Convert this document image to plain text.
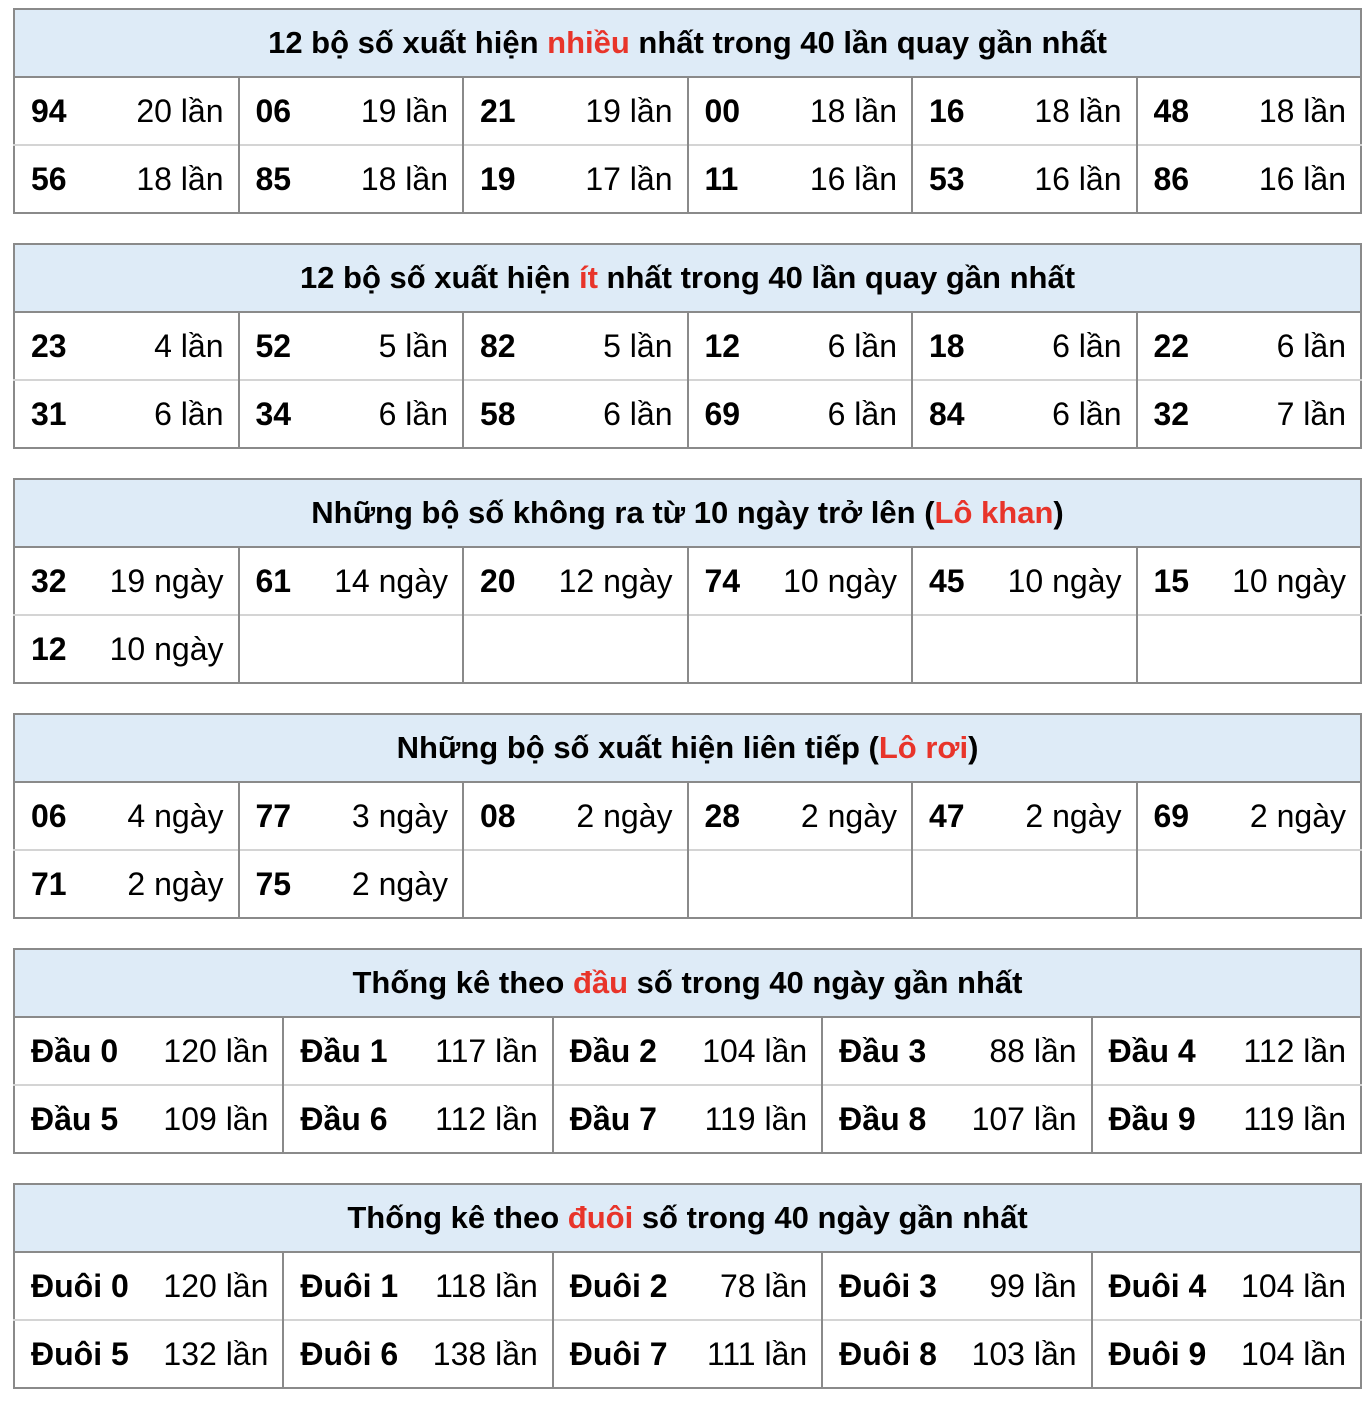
12 bộ số xuất hiện nhiều nhất trong 40 lần quay gần nhất					

94 20 lần	06 19 lần	21 19 lần	00 18 lần	16 18 lần	48 18 lần

56 18 lần	85 18 lần	19 17 lần	11 16 lần	53 16 lần	86 16 lần
12 bộ số xuất hiện ít nhất trong 40 lần quay gần nhất					

23 4 lần	52 5 lần	82 5 lần	12 6 lần	18 6 lần	22 6 lần

31 6 lần	34 6 lần	58 6 lần	69 6 lần	84 6 lần	32 7 lần
Những bộ số không ra từ 10 ngày trở lên (Lô khan)					

32 19 ngày	61 14 ngày	20 12 ngày	74 10 ngày	45 10 ngày	15 10 ngày

12 10 ngày					

Những bộ số xuất hiện liên tiếp (Lô rơi)					

06 4 ngày	77 3 ngày	08 2 ngày	28 2 ngày	47 2 ngày	69 2 ngày

71 2 ngày	75 2 ngày				

Thống kê theo đầu số trong 40 ngày gần nhất				

Đầu 0 120 lần	Đầu 1 117 lần	Đầu 2 104 lần	Đầu 3 88 lần	Đầu 4 112 lần

Đầu 5 109 lần	Đầu 6 112 lần	Đầu 7 119 lần	Đầu 8 107 lần	Đầu 9 119 lần
Thống kê theo đuôi số trong 40 ngày gần nhất				

Đuôi 0 120 lần	Đuôi 1 118 lần	Đuôi 2 78 lần	Đuôi 3 99 lần	Đuôi 4 104 lần

Đuôi 5 132 lần	Đuôi 6 138 lần	Đuôi 7 111 lần	Đuôi 8 103 lần	Đuôi 9 104 lần
